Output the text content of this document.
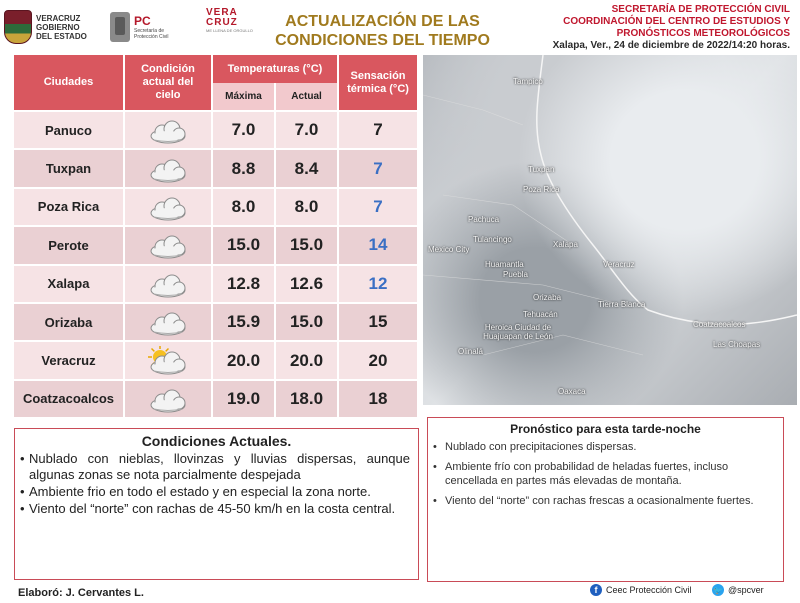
VERACRUZ GOBIERNO DEL ESTADO
PC
Secretaría de Protección Civil
VERA CRUZ
ME LLENA DE ORGULLO
ACTUALIZACIÓN DE LAS
CONDICIONES DEL TIEMPO
SECRETARÍA DE PROTECCIÓN CIVIL
COORDINACIÓN DEL CENTRO DE ESTUDIOS Y
PRONÓSTICOS METEOROLÓGICOS
Xalapa, Ver., 24 de diciembre de 2022/14:20 horas.
Ciudades
Condición actual del cielo
Temperaturas (°C)
Máxima	Actual
Sensación térmica (°C)
Panuco	7.0	7.0	7
Tuxpan	8.8	8.4	7
Poza Rica	8.0	8.0	7
Perote	15.0	15.0	14
Xalapa	12.8	12.6	12
Orizaba	15.9	15.0	15
Veracruz	20.0	20.0	20
Coatzacoalcos	19.0	18.0	18
Tampico
Tuxpan
Poza Rica
Tulancingo
Pachuca
Mexico City
Xalapa
Huamantla
Puebla
Veracruz
Orizaba
Tierra Blanca
Tehuacán
Heroica Ciudad de Huajuapan de León
Olinalá
Coatzacoalcos
Las Choapas
Oaxaca
Condiciones Actuales.
• Nublado con nieblas, llovinzas y lluvias dispersas, aunque algunas zonas se nota parcialmente despejada
• Ambiente frio en todo el estado y en especial la zona norte.
• Viento del “norte” con rachas de 45-50 km/h en la costa central.
Pronóstico para esta tarde-noche
• Nublado con precipitaciones dispersas.
• Ambiente frío con probabilidad de heladas fuertes, incluso cencellada en partes más elevadas de montaña.
• Viento del “norte” con rachas frescas a ocasionalmente fuertes.
Elaboró: J. Cervantes L.	f Ceec Protección Civil	🐦 @spcver
